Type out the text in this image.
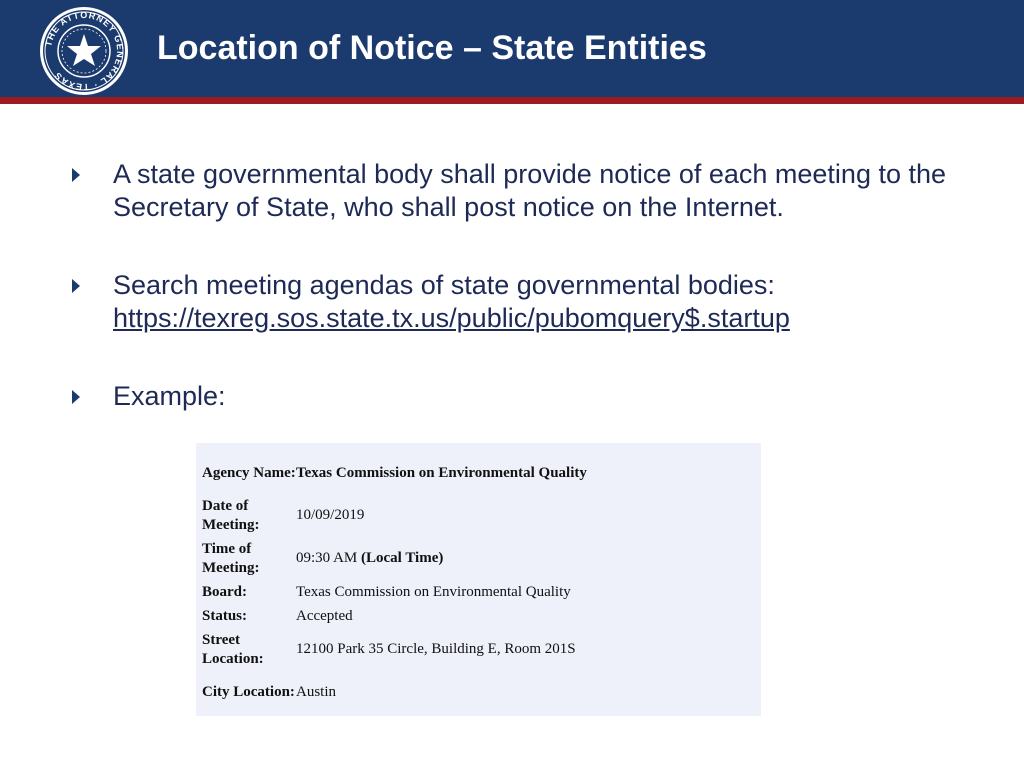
THE ATTORNEY GENERAL · TEXAS
Location of Notice – State Entities
A state governmental body shall provide notice of each meeting to the Secretary of State, who shall post notice on the Internet.
Search meeting agendas of state governmental bodies:
https://texreg.sos.state.tx.us/public/pubomquery$.startup
Example:
Agency Name:	Texas Commission on Environmental Quality
Date of Meeting:	10/09/2019
Time of Meeting:	09:30 AM (Local Time)
Board:	Texas Commission on Environmental Quality
Status:	Accepted
Street Location:	12100 Park 35 Circle, Building E, Room 201S
City Location:	Austin
